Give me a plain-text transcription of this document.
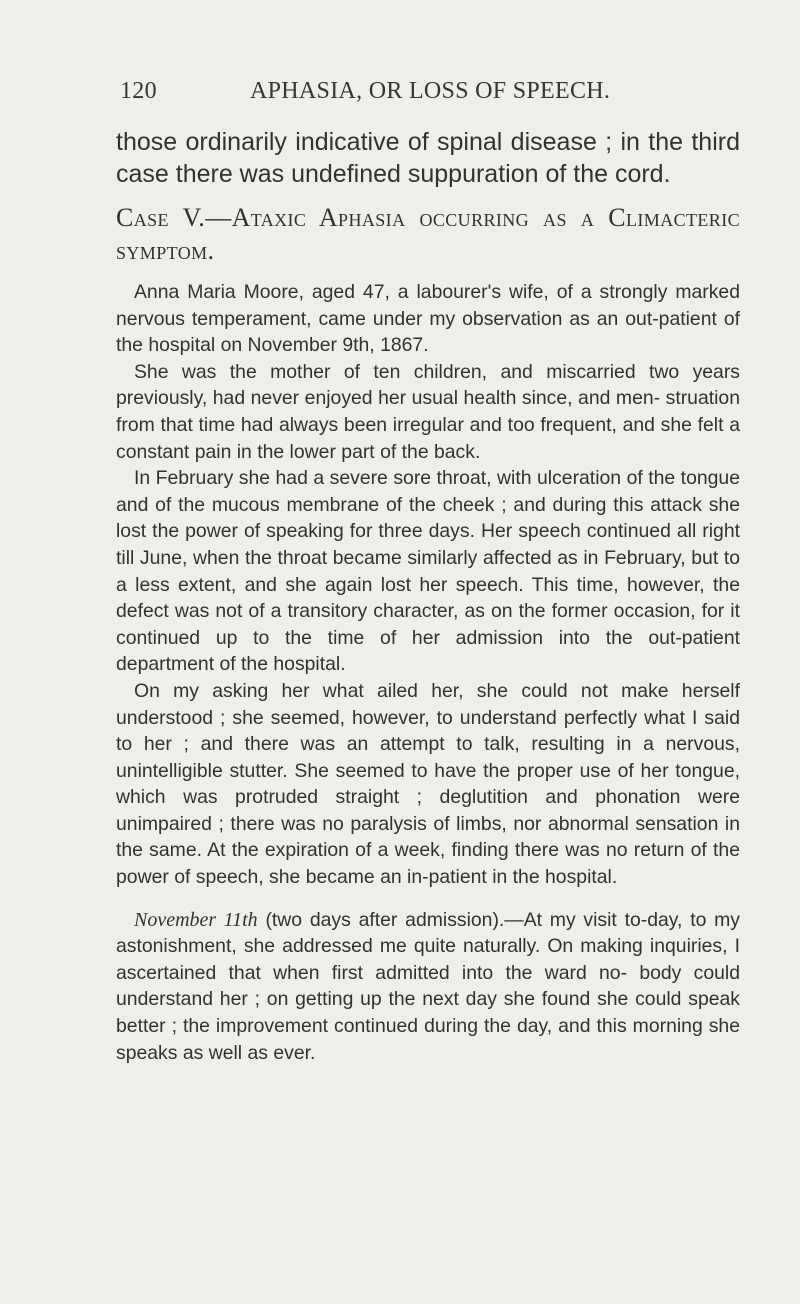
120	APHASIA, OR LOSS OF SPEECH.

those ordinarily indicative of spinal disease ; in the third case there was undefined suppuration of the cord.

Case V.—Ataxic Aphasia occurring as a Climacteric symptom.

Anna Maria Moore, aged 47, a labourer's wife, of a strongly marked nervous temperament, came under my observation as an out-patient of the hospital on November 9th, 1867.

She was the mother of ten children, and miscarried two years previously, had never enjoyed her usual health since, and men- struation from that time had always been irregular and too frequent, and she felt a constant pain in the lower part of the back.

In February she had a severe sore throat, with ulceration of the tongue and of the mucous membrane of the cheek ; and during this attack she lost the power of speaking for three days. Her speech continued all right till June, when the throat became similarly affected as in February, but to a less extent, and she again lost her speech. This time, however, the defect was not of a transitory character, as on the former occasion, for it continued up to the time of her admission into the out-patient department of the hospital.

On my asking her what ailed her, she could not make herself understood ; she seemed, however, to understand perfectly what I said to her ; and there was an attempt to talk, resulting in a nervous, unintelligible stutter. She seemed to have the proper use of her tongue, which was protruded straight ; deglutition and phonation were unimpaired ; there was no paralysis of limbs, nor abnormal sensation in the same. At the expiration of a week, finding there was no return of the power of speech, she became an in-patient in the hospital.

November 11th (two days after admission).—At my visit to-day, to my astonishment, she addressed me quite naturally. On making inquiries, I ascertained that when first admitted into the ward no- body could understand her ; on getting up the next day she found she could speak better ; the improvement continued during the day, and this morning she speaks as well as ever.
